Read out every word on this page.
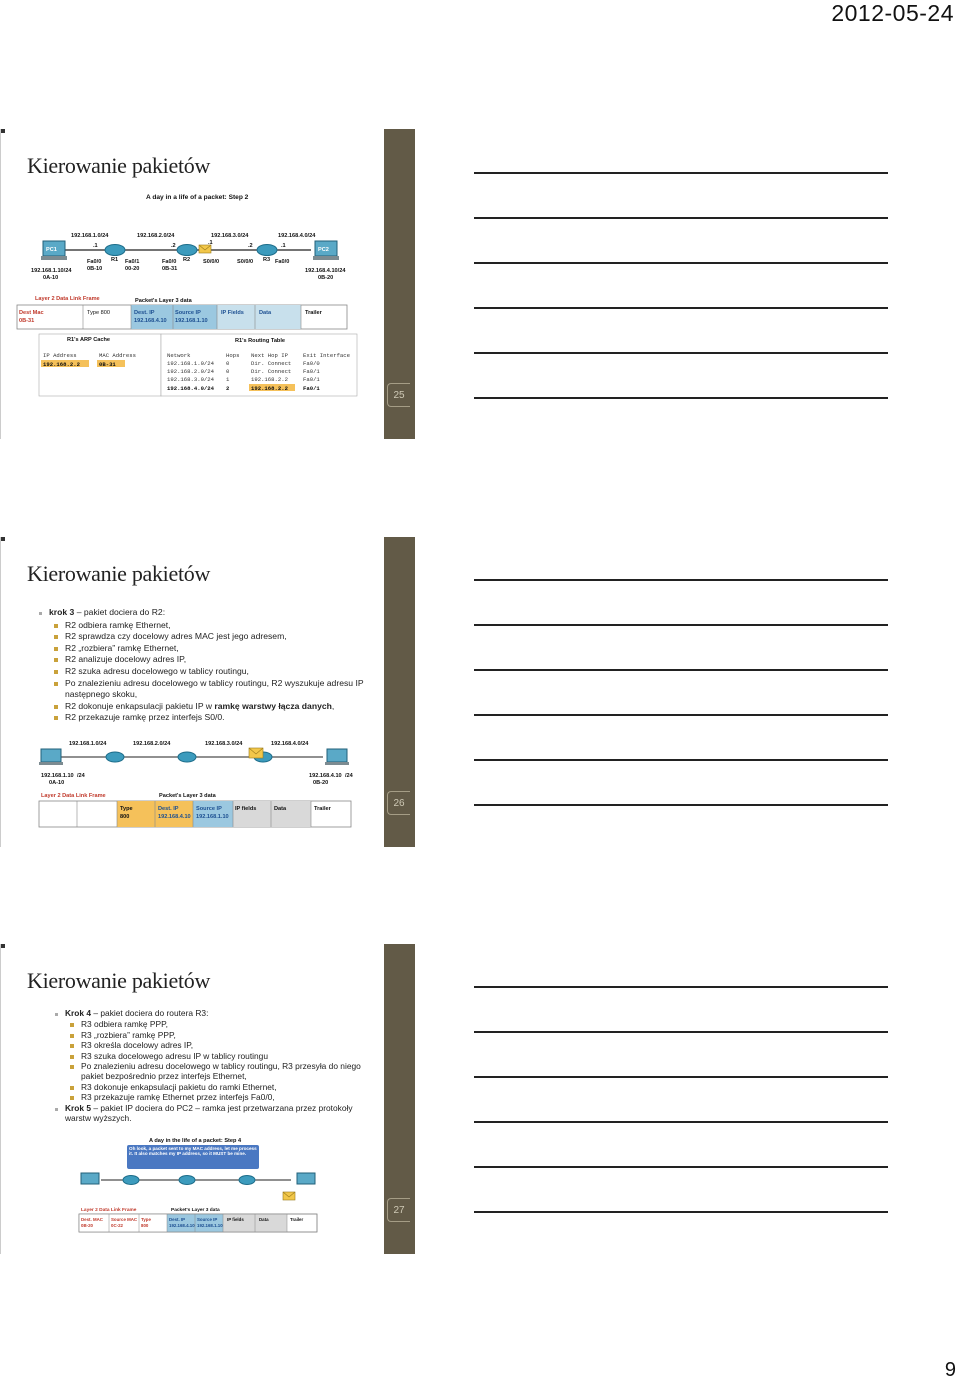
2012-05-24
Kierowanie pakietów
A day in a life of a packet: Step 2
192.168.1.0/24	192.168.2.0/24	192.168.3.0/24	192.168.4.0/24
PC1
R1	R2	R3
PC2
.1	.2	.1	.2	.1
Fa0/0
0B-10
Fa0/1
00-20
Fa0/0
0B-31
S0/0/0	S0/0/0	Fa0/0
192.168.1.10/24
0A-10
192.168.4.10/24
0B-20
Layer 2 Data Link Frame	Packet's Layer 3 data
Dest Mac
0B-31
Type 800	Dest. IP
192.168.4.10
Source IP
192.168.1.10
IP Fields	Data	Trailer
R1's ARP Cache
IP Address	MAC Address
192.168.2.2	0B-31
R1's Routing Table
Network	Hops Next Hop IP	Exit Interface
192.168.1.0/24 0	Dir. Connect Fa0/0
192.168.2.0/24 0	Dir. Connect Fa0/1
192.168.3.0/24 1	192.168.2.2	Fa0/1
192.168.4.0/24 2	192.168.2.2	Fa0/1
25
Kierowanie pakietów
krok 3 – pakiet dociera do R2:
R2 odbiera ramkę Ethernet,
R2 sprawdza czy docelowy adres MAC jest jego adresem,
R2 „rozbiera” ramkę Ethernet,
R2 analizuje docelowy adres IP,
R2 szuka adresu docelowego w tablicy routingu,
Po znalezieniu adresu docelowego w tablicy routingu, R2 wyszukuje adresu IP następnego skoku,
R2 dokonuje enkapsulacji pakietu IP w ramkę warstwy łącza danych,
R2 przekazuje ramkę przez interfejs S0/0.
192.168.1.0/24	192.168.2.0/24	192.168.3.0/24	192.168.4.0/24
192.168.1.10 /24
0A-10
192.168.4.10 /24
0B-20
Layer 2 Data Link Frame	Packet's Layer 3 data
Type
800
Dest. IP
192.168.4.10
Source IP
192.168.1.10
IP fields	Data	Trailer
26
Kierowanie pakietów
Krok 4 – pakiet dociera do routera R3:
R3 odbiera ramkę PPP,
R3 „rozbiera” ramkę PPP,
R3 określa docelowy adres IP,
R3 szuka docelowego adresu IP w tablicy routingu
Po znalezieniu adresu docelowego w tablicy routingu, R3 przesyła do niego pakiet bezpośrednio przez interfejs Ethernet,
R3 dokonuje enkapsulacji pakietu do ramki Ethernet,
R3 przekazuje ramkę Ethernet przez interfejs Fa0/0,
Krok 5 – pakiet IP dociera do PC2 – ramka jest przetwarzana przez protokoły warstw wyższych.
A day in the life of a packet: Step 4
Oh look, a packet sent to my MAC address, let me process it. It also matches my IP address, so it MUST be mine.
Layer 2 Data Link Frame	Packet's Layer 3 data
Dest. MAC
0B-20
Source MAC
0C-22
Type
800
Dest. IP
192.168.4.10
Source IP
192.168.1.10
IP fields	Data	Trailer
27
9
